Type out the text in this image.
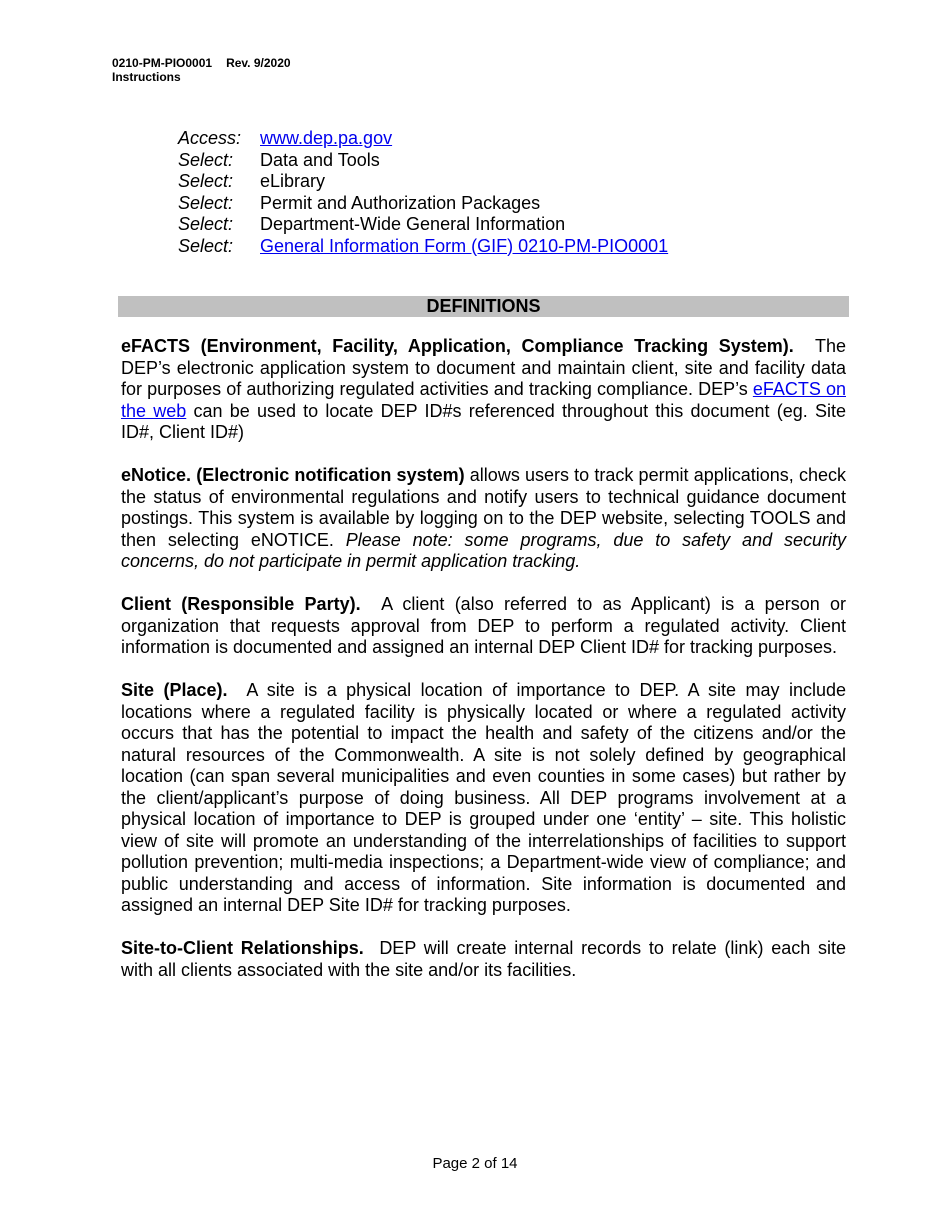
0210-PM-PIO0001 Rev. 9/2020
Instructions
Access:	www.dep.pa.gov
Select:	Data and Tools
Select:	eLibrary
Select:	Permit and Authorization Packages
Select:	Department-Wide General Information
Select:	General Information Form (GIF) 0210-PM-PIO0001
DEFINITIONS

eFACTS (Environment, Facility, Application, Compliance Tracking System). The DEP’s electronic application system to document and maintain client, site and facility data for purposes of authorizing regulated activities and tracking compliance. DEP’s eFACTS on the web can be used to locate DEP ID#s referenced throughout this document (eg. Site ID#, Client ID#)

eNotice. (Electronic notification system) allows users to track permit applications, check the status of environmental regulations and notify users to technical guidance document postings. This system is available by logging on to the DEP website, selecting TOOLS and then selecting eNOTICE. Please note: some programs, due to safety and security concerns, do not participate in permit application tracking.

Client (Responsible Party). A client (also referred to as Applicant) is a person or organization that requests approval from DEP to perform a regulated activity. Client information is documented and assigned an internal DEP Client ID# for tracking purposes.

Site (Place). A site is a physical location of importance to DEP. A site may include locations where a regulated facility is physically located or where a regulated activity occurs that has the potential to impact the health and safety of the citizens and/or the natural resources of the Commonwealth. A site is not solely defined by geographical location (can span several municipalities and even counties in some cases) but rather by the client/applicant’s purpose of doing business. All DEP programs involvement at a physical location of importance to DEP is grouped under one ‘entity’ – site. This holistic view of site will promote an understanding of the interrelationships of facilities to support pollution prevention; multi-media inspections; a Department-wide view of compliance; and public understanding and access of information. Site information is documented and assigned an internal DEP Site ID# for tracking purposes.

Site-to-Client Relationships. DEP will create internal records to relate (link) each site with all clients associated with the site and/or its facilities.

Page 2 of 14
